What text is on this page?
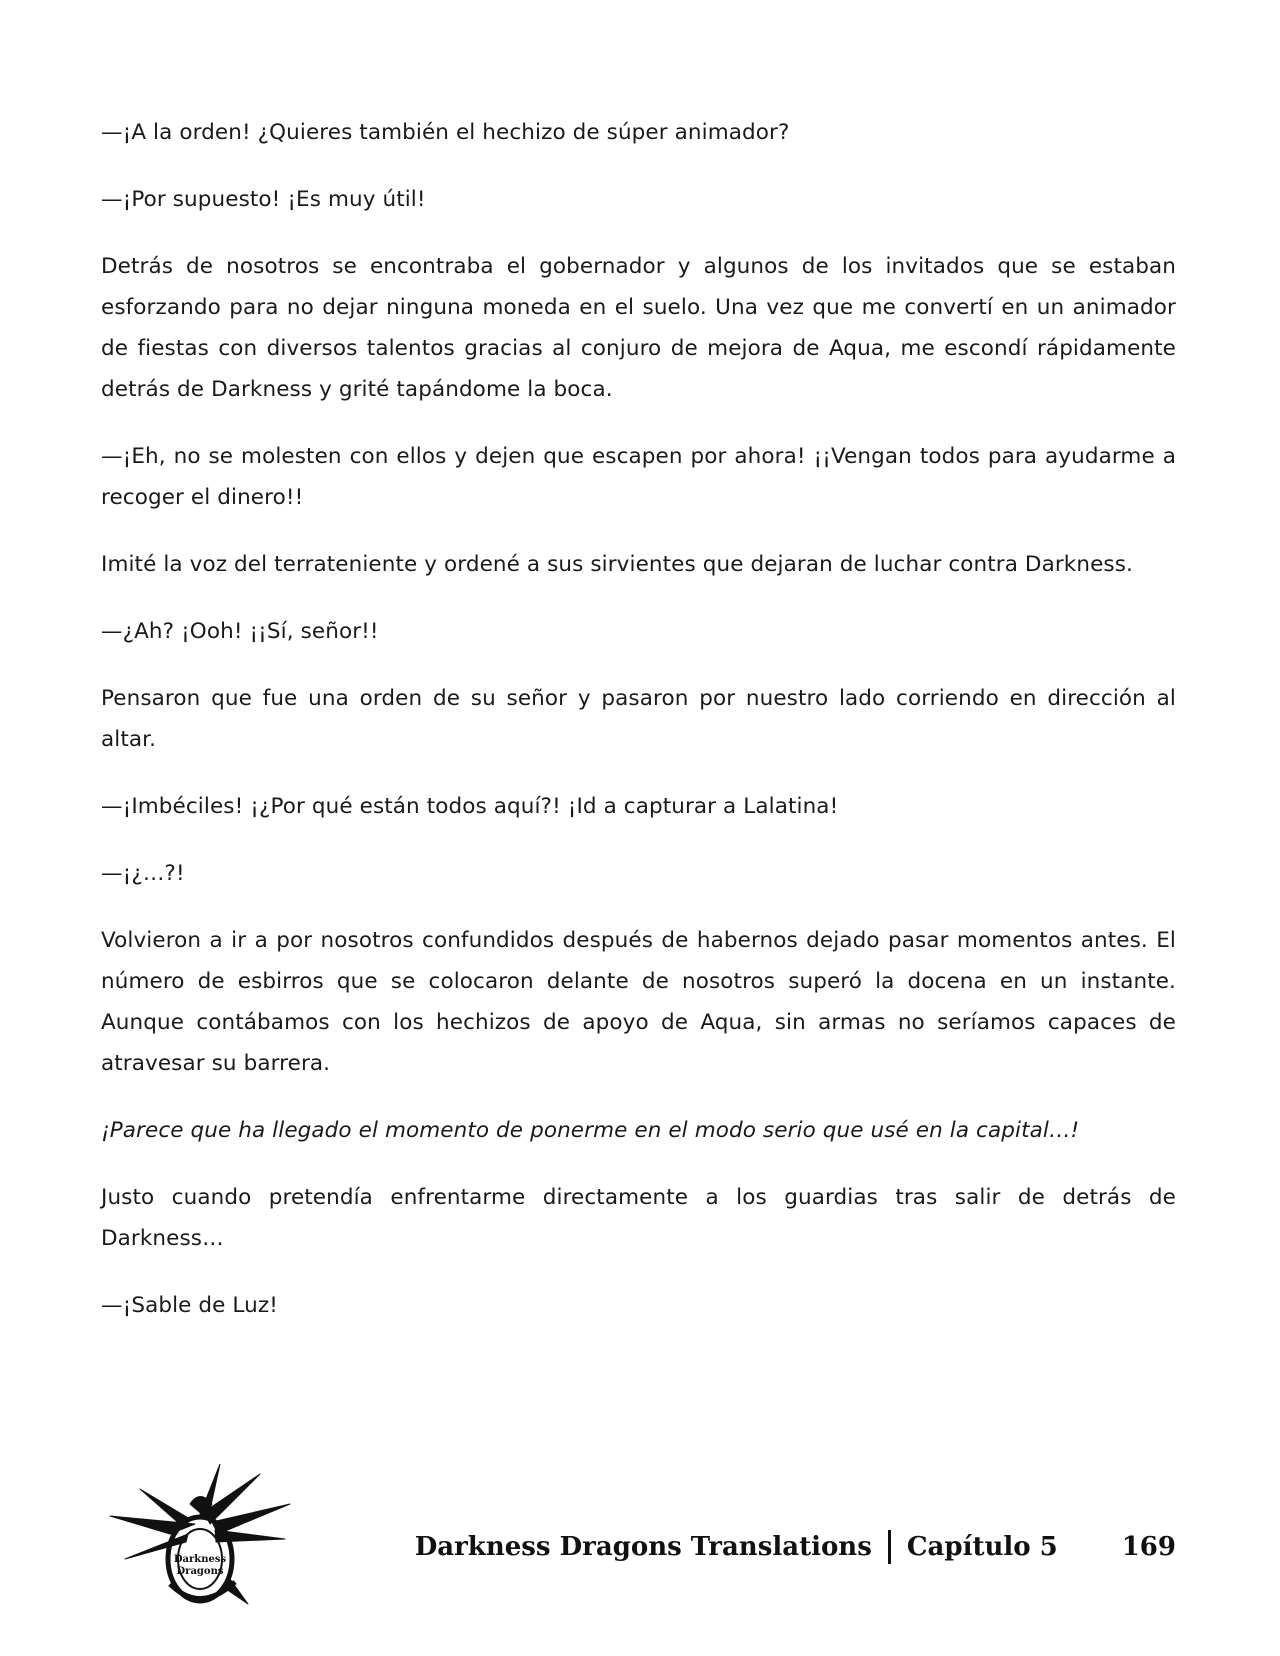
—¡A la orden! ¿Quieres también el hechizo de súper animador?

—¡Por supuesto! ¡Es muy útil!

Detrás de nosotros se encontraba el gobernador y algunos de los invitados que se estaban esforzando para no dejar ninguna moneda en el suelo. Una vez que me convertí en un animador de fiestas con diversos talentos gracias al conjuro de mejora de Aqua, me escondí rápidamente detrás de Darkness y grité tapándome la boca.

—¡Eh, no se molesten con ellos y dejen que escapen por ahora! ¡¡Vengan todos para ayudarme a recoger el dinero!!

Imité la voz del terrateniente y ordené a sus sirvientes que dejaran de luchar contra Darkness.

—¿Ah? ¡Ooh! ¡¡Sí, señor!!

Pensaron que fue una orden de su señor y pasaron por nuestro lado corriendo en dirección al altar.

—¡Imbéciles! ¡¿Por qué están todos aquí?! ¡Id a capturar a Lalatina!

—¡¿…?!

Volvieron a ir a por nosotros confundidos después de habernos dejado pasar momentos antes. El número de esbirros que se colocaron delante de nosotros superó la docena en un instante. Aunque contábamos con los hechizos de apoyo de Aqua, sin armas no seríamos capaces de atravesar su barrera.

¡Parece que ha llegado el momento de ponerme en el modo serio que usé en la capital…!

Justo cuando pretendía enfrentarme directamente a los guardias tras salir de detrás de Darkness…

—¡Sable de Luz!

Darkness
Dragons
Darkness Dragons Translations Capítulo 5 169
